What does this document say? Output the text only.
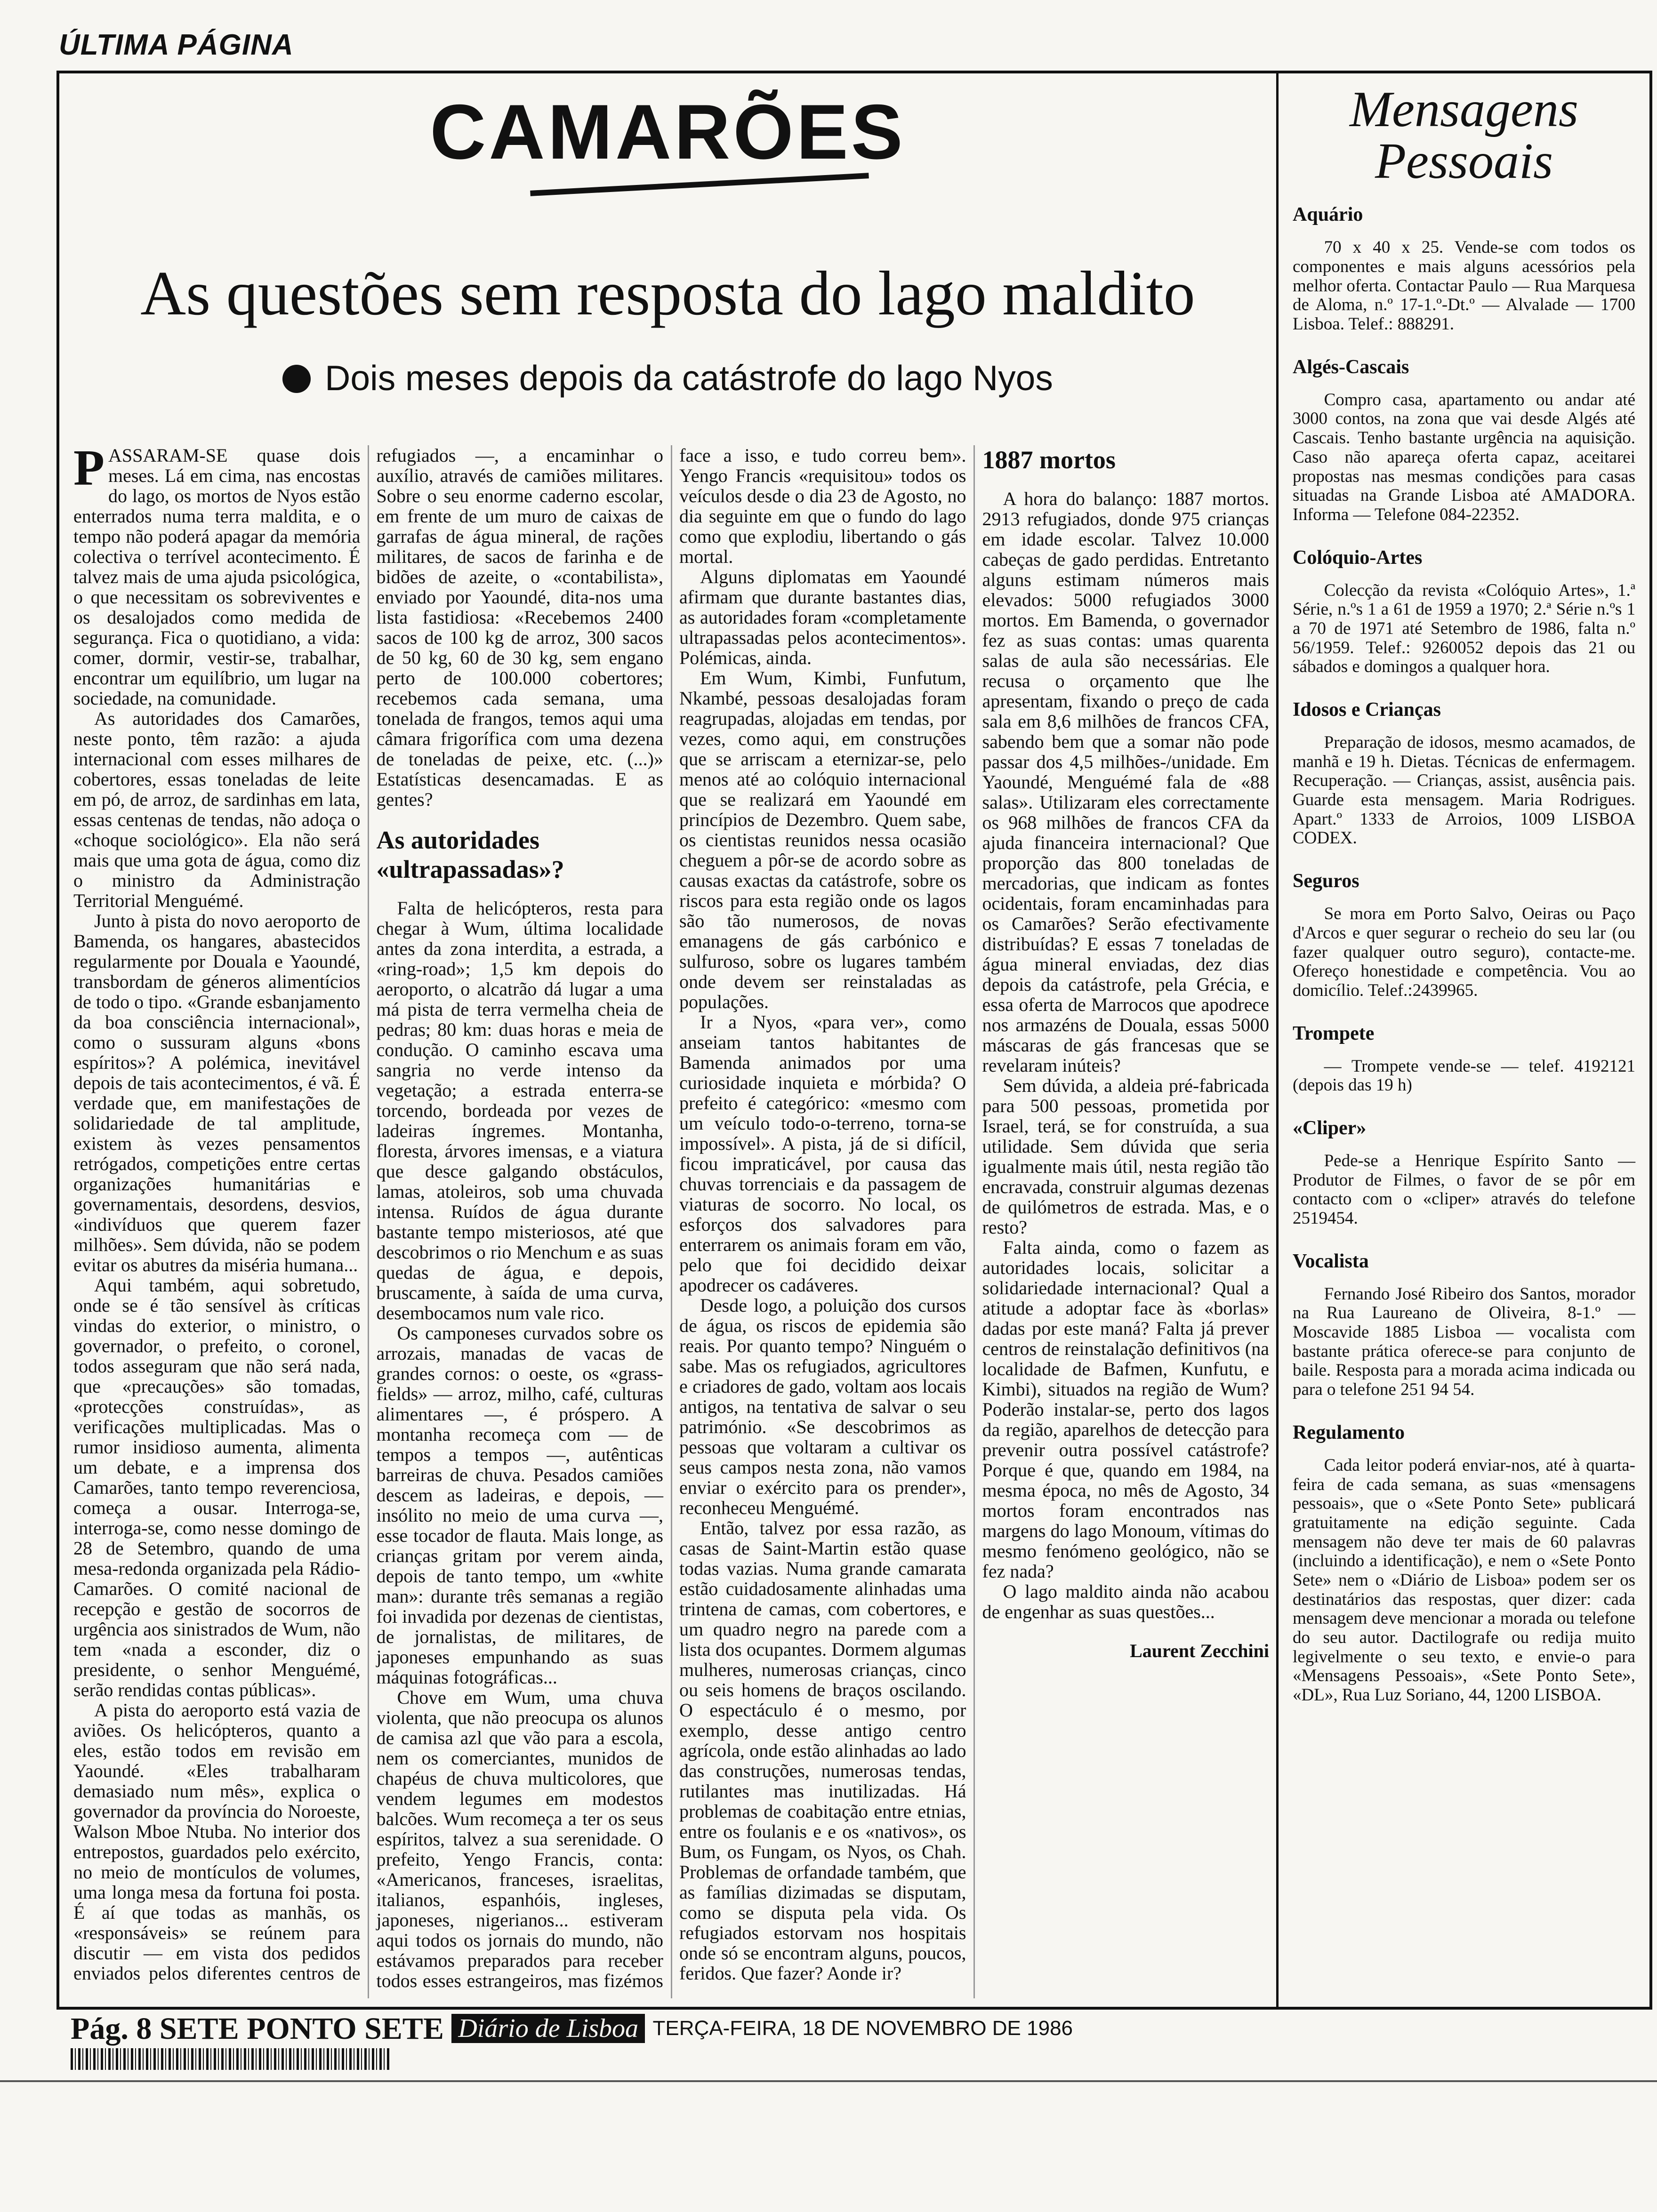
ÚLTIMA PÁGINA
CAMARÕES
As questões sem resposta do lago maldito
Dois meses depois da catástrofe do lago Nyos

PASSARAM-SE quase dois meses. Lá em cima, nas encostas do lago, os mortos de Nyos estão enterrados numa terra maldita, e o tempo não poderá apagar da memória colectiva o terrível acontecimento. É talvez mais de uma ajuda psicológica, o que necessitam os sobreviventes e os desalojados como medida de segurança. Fica o quotidiano, a vida: comer, dormir, vestir-se, trabalhar, encontrar um equilíbrio, um lugar na sociedade, na comunidade.

As autoridades dos Camarões, neste ponto, têm razão: a ajuda internacional com esses milhares de cobertores, essas toneladas de leite em pó, de arroz, de sardinhas em lata, essas centenas de tendas, não adoça o «choque sociológico». Ela não será mais que uma gota de água, como diz o ministro da Administração Territorial Menguémé.

Junto à pista do novo aeroporto de Bamenda, os hangares, abastecidos regularmente por Douala e Yaoundé, transbordam de géneros alimentícios de todo o tipo. «Grande esbanjamento da boa consciência internacional», como o sussuram alguns «bons espíritos»? A polémica, inevitável depois de tais acontecimentos, é vã. É verdade que, em manifestações de solidariedade de tal amplitude, existem às vezes pensamentos retrógados, competições entre certas organizações humanitárias e governamentais, desordens, desvios, «indivíduos que querem fazer milhões». Sem dúvida, não se podem evitar os abutres da miséria humana...

Aqui também, aqui sobretudo, onde se é tão sensível às críticas vindas do exterior, o ministro, o governador, o prefeito, o coronel, todos asseguram que não será nada, que «precauções» são tomadas, «protecções construídas», as verificações multiplicadas. Mas o rumor insidioso aumenta, alimenta um debate, e a imprensa dos Camarões, tanto tempo reverenciosa, começa a ousar. Interroga-se, interroga-se, como nesse domingo de 28 de Setembro, quando de uma mesa-redonda organizada pela Rádio-Camarões. O comité nacional de recepção e gestão de socorros de urgência aos sinistrados de Wum, não tem «nada a esconder, diz o presidente, o senhor Menguémé, serão rendidas contas públicas».

A pista do aeroporto está vazia de aviões. Os helicópteros, quanto a eles, estão todos em revisão em Yaoundé. «Eles trabalharam demasiado num mês», explica o governador da província do Noroeste, Walson Mboe Ntuba. No interior dos entrepostos, guardados pelo exército, no meio de montículos de volumes, uma longa mesa da fortuna foi posta. É aí que todas as manhãs, os «responsáveis» se reúnem para discutir — em vista dos pedidos enviados pelos diferentes centros de refugiados —, a encaminhar o auxílio, através de camiões militares. Sobre o seu enorme caderno escolar, em frente de um muro de caixas de garrafas de água mineral, de rações militares, de sacos de farinha e de bidões de azeite, o «contabilista», enviado por Yaoundé, dita-nos uma lista fastidiosa: «Recebemos 2400 sacos de 100 kg de arroz, 300 sacos de 50 kg, 60 de 30 kg, sem engano perto de 100.000 cobertores; recebemos cada semana, uma tonelada de frangos, temos aqui uma câmara frigorífica com uma dezena de toneladas de peixe, etc. (...)» Estatísticas desencamadas. E as gentes?

As autoridades «ultrapassadas»?

Falta de helicópteros, resta para chegar à Wum, última localidade antes da zona interdita, a estrada, a «ring-road»; 1,5 km depois do aeroporto, o alcatrão dá lugar a uma má pista de terra vermelha cheia de pedras; 80 km: duas horas e meia de condução. O caminho escava uma sangria no verde intenso da vegetação; a estrada enterra-se torcendo, bordeada por vezes de ladeiras íngremes. Montanha, floresta, árvores imensas, e a viatura que desce galgando obstáculos, lamas, atoleiros, sob uma chuvada intensa. Ruídos de água durante bastante tempo misteriosos, até que descobrimos o rio Menchum e as suas quedas de água, e depois, bruscamente, à saída de uma curva, desembocamos num vale rico.

Os camponeses curvados sobre os arrozais, manadas de vacas de grandes cornos: o oeste, os «grass-fields» — arroz, milho, café, culturas alimentares —, é próspero. A montanha recomeça com — de tempos a tempos —, autênticas barreiras de chuva. Pesados camiões descem as ladeiras, e depois, — insólito no meio de uma curva —, esse tocador de flauta. Mais longe, as crianças gritam por verem ainda, depois de tanto tempo, um «white man»: durante três semanas a região foi invadida por dezenas de cientistas, de jornalistas, de militares, de japoneses empunhando as suas máquinas fotográficas...

Chove em Wum, uma chuva violenta, que não preocupa os alunos de camisa azl que vão para a escola, nem os comerciantes, munidos de chapéus de chuva multicolores, que vendem legumes em modestos balcões. Wum recomeça a ter os seus espíritos, talvez a sua serenidade. O prefeito, Yengo Francis, conta: «Americanos, franceses, israelitas, italianos, espanhóis, ingleses, japoneses, nigerianos... estiveram aqui todos os jornais do mundo, não estávamos preparados para receber todos esses estrangeiros, mas fizémos face a isso, e tudo correu bem». Yengo Francis «requisitou» todos os veículos desde o dia 23 de Agosto, no dia seguinte em que o fundo do lago como que explodiu, libertando o gás mortal.

Alguns diplomatas em Yaoundé afirmam que durante bastantes dias, as autoridades foram «completamente ultrapassadas pelos acontecimentos». Polémicas, ainda.

Em Wum, Kimbi, Funfutum, Nkambé, pessoas desalojadas foram reagrupadas, alojadas em tendas, por vezes, como aqui, em construções que se arriscam a eternizar-se, pelo menos até ao colóquio internacional que se realizará em Yaoundé em princípios de Dezembro. Quem sabe, os cientistas reunidos nessa ocasião cheguem a pôr-se de acordo sobre as causas exactas da catástrofe, sobre os riscos para esta região onde os lagos são tão numerosos, de novas emanagens de gás carbónico e sulfuroso, sobre os lugares também onde devem ser reinstaladas as populações.

Ir a Nyos, «para ver», como anseiam tantos habitantes de Bamenda animados por uma curiosidade inquieta e mórbida? O prefeito é categórico: «mesmo com um veículo todo-o-terreno, torna-se impossível». A pista, já de si difícil, ficou impraticável, por causa das chuvas torrenciais e da passagem de viaturas de socorro. No local, os esforços dos salvadores para enterrarem os animais foram em vão, pelo que foi decidido deixar apodrecer os cadáveres.

Desde logo, a poluição dos cursos de água, os riscos de epidemia são reais. Por quanto tempo? Ninguém o sabe. Mas os refugiados, agricultores e criadores de gado, voltam aos locais antigos, na tentativa de salvar o seu património. «Se descobrimos as pessoas que voltaram a cultivar os seus campos nesta zona, não vamos enviar o exército para os prender», reconheceu Menguémé.

Então, talvez por essa razão, as casas de Saint-Martin estão quase todas vazias. Numa grande camarata estão cuidadosamente alinhadas uma trintena de camas, com cobertores, e um quadro negro na parede com a lista dos ocupantes. Dormem algumas mulheres, numerosas crianças, cinco ou seis homens de braços oscilando. O espectáculo é o mesmo, por exemplo, desse antigo centro agrícola, onde estão alinhadas ao lado das construções, numerosas tendas, rutilantes mas inutilizadas. Há problemas de coabitação entre etnias, entre os foulanis e e os «nativos», os Bum, os Fungam, os Nyos, os Chah. Problemas de orfandade também, que as famílias dizimadas se disputam, como se disputa pela vida. Os refugiados estorvam nos hospitais onde só se encontram alguns, poucos, feridos. Que fazer? Aonde ir?

1887 mortos

A hora do balanço: 1887 mortos. 2913 refugiados, donde 975 crianças em idade escolar. Talvez 10.000 cabeças de gado perdidas. Entretanto alguns estimam números mais elevados: 5000 refugiados 3000 mortos. Em Bamenda, o governador fez as suas contas: umas quarenta salas de aula são necessárias. Ele recusa o orçamento que lhe apresentam, fixando o preço de cada sala em 8,6 milhões de francos CFA, sabendo bem que a somar não pode passar dos 4,5 milhões-/unidade. Em Yaoundé, Menguémé fala de «88 salas». Utilizaram eles correctamente os 968 milhões de francos CFA da ajuda financeira internacional? Que proporção das 800 toneladas de mercadorias, que indicam as fontes ocidentais, foram encaminhadas para os Camarões? Serão efectivamente distribuídas? E essas 7 toneladas de água mineral enviadas, dez dias depois da catástrofe, pela Grécia, e essa oferta de Marrocos que apodrece nos armazéns de Douala, essas 5000 máscaras de gás francesas que se revelaram inúteis?

Sem dúvida, a aldeia pré-fabricada para 500 pessoas, prometida por Israel, terá, se for construída, a sua utilidade. Sem dúvida que seria igualmente mais útil, nesta região tão encravada, construir algumas dezenas de quilómetros de estrada. Mas, e o resto?

Falta ainda, como o fazem as autoridades locais, solicitar a solidariedade internacional? Qual a atitude a adoptar face às «borlas» dadas por este maná? Falta já prever centros de reinstalação definitivos (na localidade de Bafmen, Kunfutu, e Kimbi), situados na região de Wum? Poderão instalar-se, perto dos lagos da região, aparelhos de detecção para prevenir outra possível catástrofe? Porque é que, quando em 1984, na mesma época, no mês de Agosto, 34 mortos foram encontrados nas margens do lago Monoum, vítimas do mesmo fenómeno geológico, não se fez nada?

O lago maldito ainda não acabou de engenhar as suas questões...

Laurent Zecchini
Mensagens
Pessoais
Aquário

70 x 40 x 25. Vende-se com todos os componentes e mais alguns acessórios pela melhor oferta. Contactar Paulo — Rua Marquesa de Aloma, n.º 17-1.º-Dt.º — Alvalade — 1700 Lisboa. Telef.: 888291.

Algés-Cascais

Compro casa, apartamento ou andar até 3000 contos, na zona que vai desde Algés até Cascais. Tenho bastante urgência na aquisição. Caso não apareça oferta capaz, aceitarei propostas nas mesmas condições para casas situadas na Grande Lisboa até AMADORA. Informa — Telefone 084-22352.

Colóquio-Artes

Colecção da revista «Colóquio Artes», 1.ª Série, n.ºs 1 a 61 de 1959 a 1970; 2.ª Série n.ºs 1 a 70 de 1971 até Setembro de 1986, falta n.º 56/1959. Telef.: 9260052 depois das 21 ou sábados e domingos a qualquer hora.

Idosos e Crianças

Preparação de idosos, mesmo acamados, de manhã e 19 h. Dietas. Técnicas de enfermagem. Recuperação. — Crianças, assist, ausência pais. Guarde esta mensagem. Maria Rodrigues. Apart.º 1333 de Arroios, 1009 LISBOA CODEX.

Seguros

Se mora em Porto Salvo, Oeiras ou Paço d'Arcos e quer segurar o recheio do seu lar (ou fazer qualquer outro seguro), contacte-me. Ofereço honestidade e competência. Vou ao domicílio. Telef.:2439965.

Trompete

— Trompete vende-se — telef. 4192121 (depois das 19 h)

«Cliper»

Pede-se a Henrique Espírito Santo — Produtor de Filmes, o favor de se pôr em contacto com o «cliper» através do telefone 2519454.

Vocalista

Fernando José Ribeiro dos Santos, morador na Rua Laureano de Oliveira, 8-1.º — Moscavide 1885 Lisboa — vocalista com bastante prática oferece-se para conjunto de baile. Resposta para a morada acima indicada ou para o telefone 251 94 54.

Regulamento

Cada leitor poderá enviar-nos, até à quarta-feira de cada semana, as suas «mensagens pessoais», que o «Sete Ponto Sete» publicará gratuitamente na edição seguinte. Cada mensagem não deve ter mais de 60 palavras (incluindo a identificação), e nem o «Sete Ponto Sete» nem o «Diário de Lisboa» podem ser os destinatários das respostas, quer dizer: cada mensagem deve mencionar a morada ou telefone do seu autor. Dactilografe ou redija muito legivelmente o seu texto, e envie-o para «Mensagens Pessoais», «Sete Ponto Sete», «DL», Rua Luz Soriano, 44, 1200 LISBOA.

Pág. 8 SETE PONTO SETE Diário de Lisboa TERÇA-FEIRA, 18 DE NOVEMBRO DE 1986
